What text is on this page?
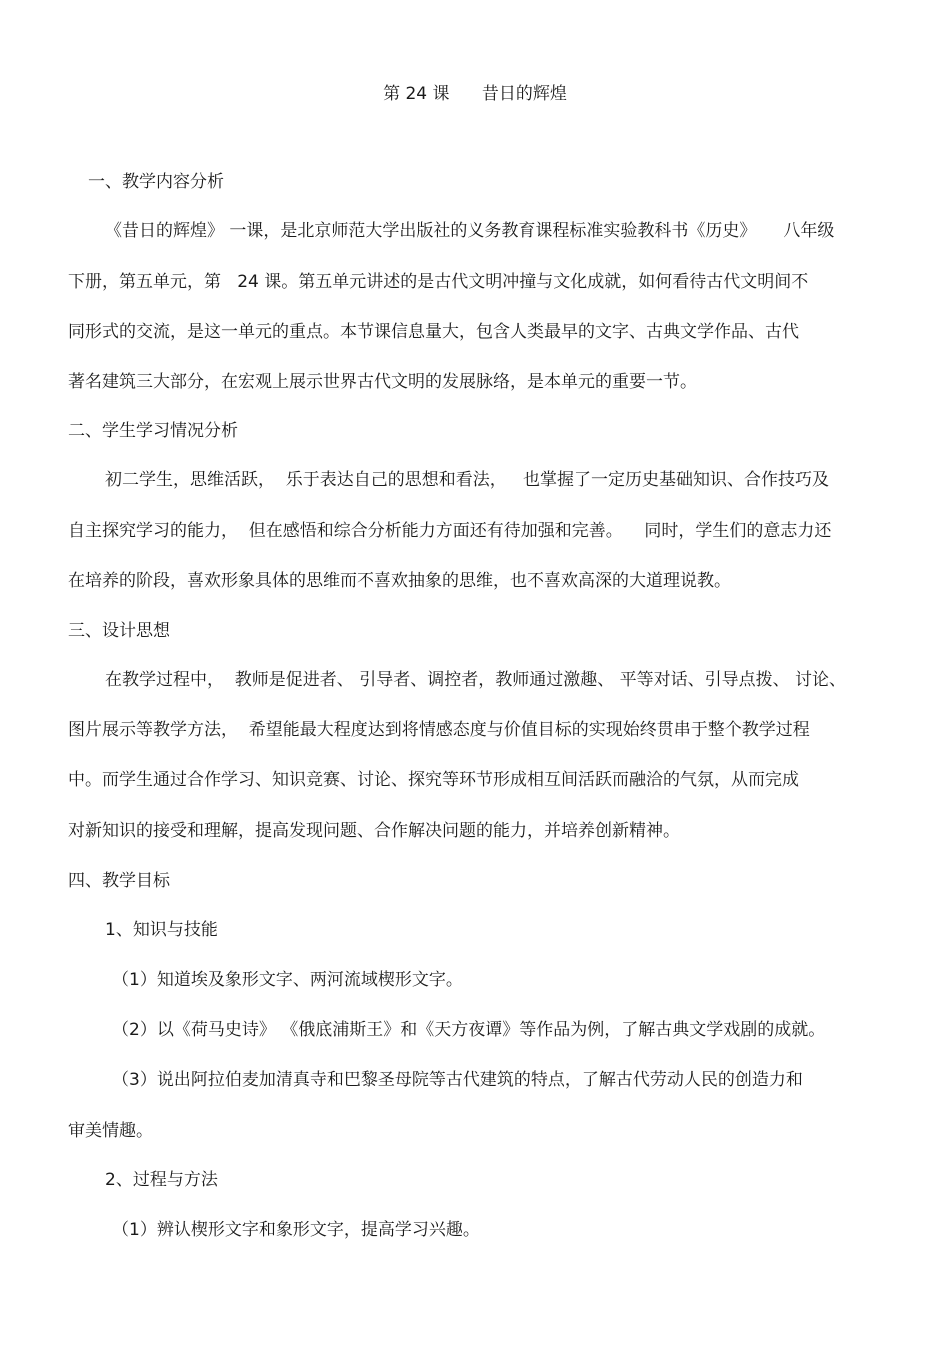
第 24 课      昔日的辉煌
一、教学内容分析
《昔日的辉煌》 一课，是北京师范大学出版社的义务教育课程标准实验教科书《历史》     八年级
下册，第五单元，第   24 课。第五单元讲述的是古代文明冲撞与文化成就，如何看待古代文明间不
同形式的交流，是这一单元的重点。本节课信息量大，包含人类最早的文字、古典文学作品、古代
著名建筑三大部分，在宏观上展示世界古代文明的发展脉络，是本单元的重要一节。
二、学生学习情况分析
初二学生，思维活跃，  乐于表达自己的思想和看法，   也掌握了一定历史基础知识、合作技巧及
自主探究学习的能力，  但在感悟和综合分析能力方面还有待加强和完善。    同时，学生们的意志力还
在培养的阶段，喜欢形象具体的思维而不喜欢抽象的思维，也不喜欢高深的大道理说教。
三、设计思想
在教学过程中，  教师是促进者、 引导者、调控者，教师通过激趣、 平等对话、引导点拨、 讨论、
图片展示等教学方法，  希望能最大程度达到将情感态度与价值目标的实现始终贯串于整个教学过程
中。而学生通过合作学习、知识竞赛、讨论、探究等环节形成相互间活跃而融洽的气氛，从而完成
对新知识的接受和理解，提高发现问题、合作解决问题的能力，并培养创新精神。
四、教学目标
1、知识与技能
（1）知道埃及象形文字、两河流域楔形文字。
（2）以《荷马史诗》 《俄底浦斯王》和《天方夜谭》等作品为例，了解古典文学戏剧的成就。
（3）说出阿拉伯麦加清真寺和巴黎圣母院等古代建筑的特点，了解古代劳动人民的创造力和
审美情趣。
2、过程与方法
（1）辨认楔形文字和象形文字，提高学习兴趣。
